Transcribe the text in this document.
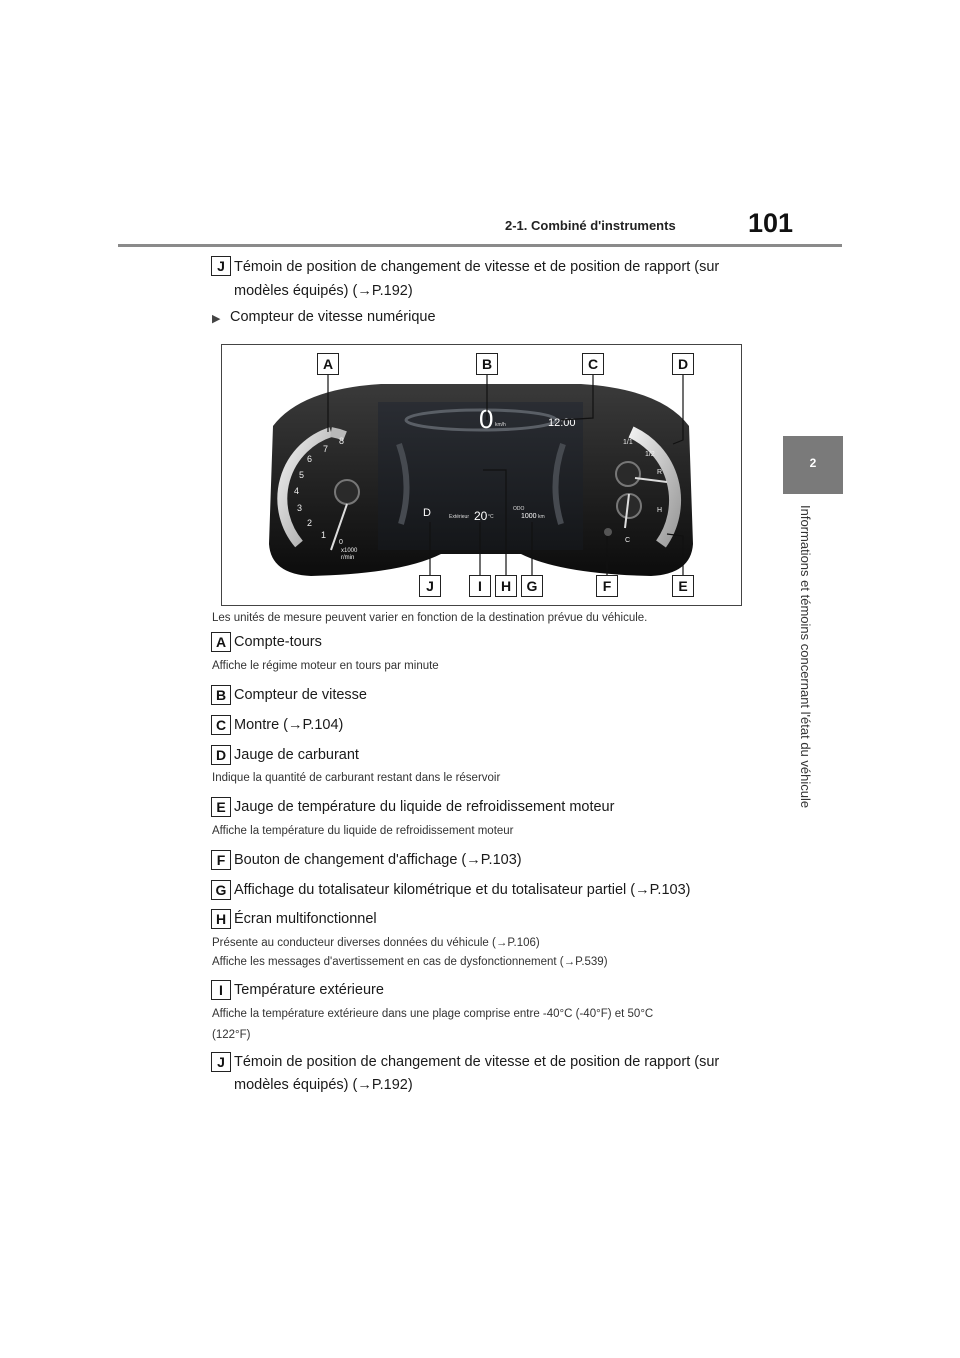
2-1. Combiné d'instruments	101
2
Informations et témoins concernant l'état du véhicule
J Témoin de position de changement de vitesse et de position de rapport (sur
modèles équipés) (→P.192)
▶ Compteur de vitesse numérique
8
7
6
5
4
3
2
1
0
x1000
r/min
0 km/h	12:00
D	Extérieur 20 °C
ODO
1000 km
1/1
1/2
R
H
C
A	B	C	D
J	I	H	G	F	E
Les unités de mesure peuvent varier en fonction de la destination prévue du véhicule.
A Compte-tours
Affiche le régime moteur en tours par minute
B Compteur de vitesse
C Montre (→P.104)
D Jauge de carburant
Indique la quantité de carburant restant dans le réservoir
E Jauge de température du liquide de refroidissement moteur
Affiche la température du liquide de refroidissement moteur
F Bouton de changement d'affichage (→P.103)
G Affichage du totalisateur kilométrique et du totalisateur partiel (→P.103)
H Écran multifonctionnel
Présente au conducteur diverses données du véhicule (→P.106)
Affiche les messages d'avertissement en cas de dysfonctionnement (→P.539)
I Température extérieure
Affiche la température extérieure dans une plage comprise entre -40°C (-40°F) et 50°C
(122°F)
J Témoin de position de changement de vitesse et de position de rapport (sur
modèles équipés) (→P.192)
